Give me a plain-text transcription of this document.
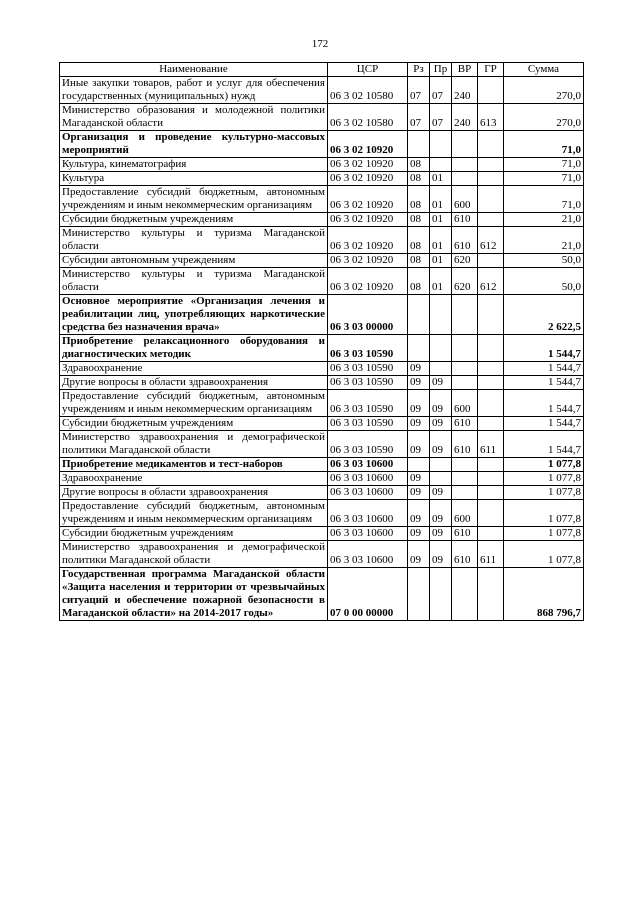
172
Наименование	ЦСР	Рз	Пр	ВР	ГР	Сумма
Иные закупки товаров, работ и услуг для обеспечения государственных (муниципальных) нужд	06 3 02 10580	07	07	240		270,0
Министерство образования и молодежной политики Магаданской области	06 3 02 10580	07	07	240	613	270,0
Организация и проведение культурно-массовых мероприятий	06 3 02 10920					71,0
Культура, кинематография	06 3 02 10920	08				71,0
Культура	06 3 02 10920	08	01			71,0
Предоставление субсидий бюджетным, автономным учреждениям и иным некоммерческим организациям	06 3 02 10920	08	01	600		71,0
Субсидии бюджетным учреждениям	06 3 02 10920	08	01	610		21,0
Министерство культуры и туризма Магаданской области	06 3 02 10920	08	01	610	612	21,0
Субсидии автономным учреждениям	06 3 02 10920	08	01	620		50,0
Министерство культуры и туризма Магаданской области	06 3 02 10920	08	01	620	612	50,0
Основное мероприятие «Организация лечения и реабилитации лиц, употребляющих наркотические средства без назначения врача»	06 3 03 00000					2 622,5
Приобретение релаксационного оборудования и диагностических методик	06 3 03 10590					1 544,7
Здравоохранение	06 3 03 10590	09				1 544,7
Другие вопросы в области здравоохранения	06 3 03 10590	09	09			1 544,7
Предоставление субсидий бюджетным, автономным учреждениям и иным некоммерческим организациям	06 3 03 10590	09	09	600		1 544,7
Субсидии бюджетным учреждениям	06 3 03 10590	09	09	610		1 544,7
Министерство здравоохранения и демографической политики Магаданской области	06 3 03 10590	09	09	610	611	1 544,7
Приобретение медикаментов и тест-наборов	06 3 03 10600					1 077,8
Здравоохранение	06 3 03 10600	09				1 077,8
Другие вопросы в области здравоохранения	06 3 03 10600	09	09			1 077,8
Предоставление субсидий бюджетным, автономным учреждениям и иным некоммерческим организациям	06 3 03 10600	09	09	600		1 077,8
Субсидии бюджетным учреждениям	06 3 03 10600	09	09	610		1 077,8
Министерство здравоохранения и демографической политики Магаданской области	06 3 03 10600	09	09	610	611	1 077,8
Государственная программа Магаданской области «Защита населения и территории от чрезвычайных ситуаций и обеспечение пожарной безопасности в Магаданской области» на 2014-2017 годы»	07 0 00 00000					868 796,7
